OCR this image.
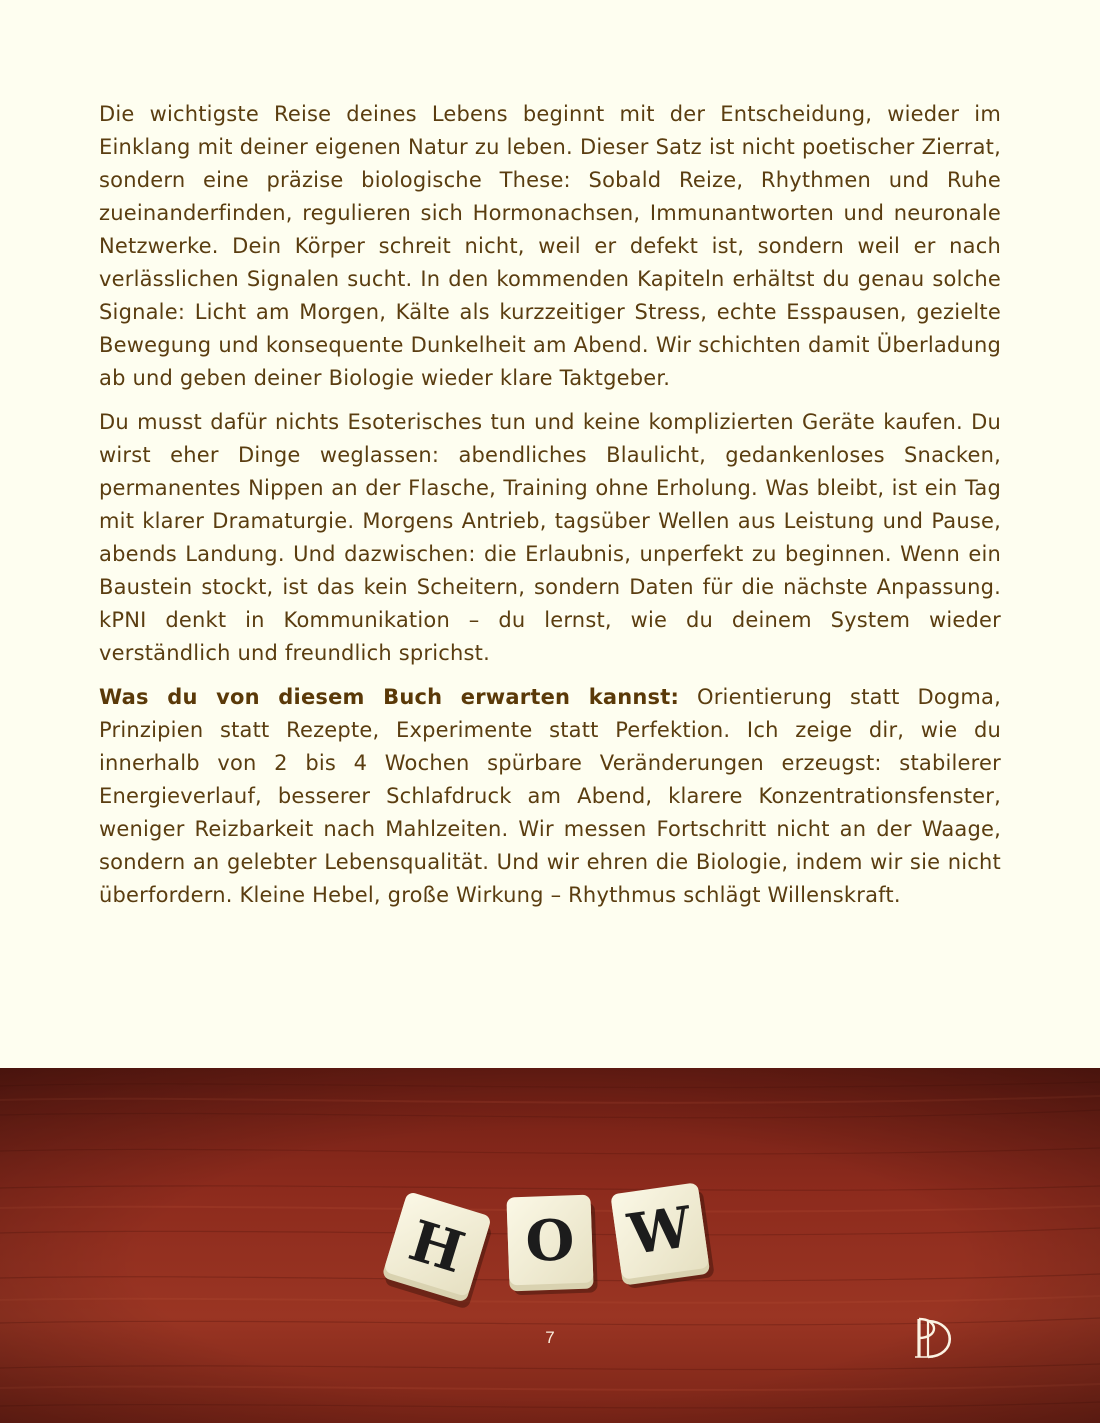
Die wichtigste Reise deines Lebens beginnt mit der Entscheidung, wieder im Einklang mit deiner eigenen Natur zu leben. Dieser Satz ist nicht poetischer Zierrat, sondern eine präzise biologische These: Sobald Reize, Rhythmen und Ruhe zueinanderfinden, regulieren sich Hormonachsen, Immunantworten und neuronale Netzwerke. Dein Körper schreit nicht, weil er defekt ist, sondern weil er nach verlässlichen Signalen sucht. In den kommenden Kapiteln erhältst du genau solche Signale: Licht am Morgen, Kälte als kurzzeitiger Stress, echte Esspausen, gezielte Bewegung und konsequente Dunkelheit am Abend. Wir schichten damit Überladung ab und geben deiner Biologie wieder klare Taktgeber.

Du musst dafür nichts Esoterisches tun und keine komplizierten Geräte kaufen. Du wirst eher Dinge weglassen: abendliches Blaulicht, gedankenloses Snacken, permanentes Nippen an der Flasche, Training ohne Erholung. Was bleibt, ist ein Tag mit klarer Dramaturgie. Morgens Antrieb, tagsüber Wellen aus Leistung und Pause, abends Landung. Und dazwischen: die Erlaubnis, unperfekt zu beginnen. Wenn ein Baustein stockt, ist das kein Scheitern, sondern Daten für die nächste Anpassung. kPNI denkt in Kommunikation – du lernst, wie du deinem System wieder verständlich und freundlich sprichst.

Was du von diesem Buch erwarten kannst: Orientierung statt Dogma, Prinzipien statt Rezepte, Experimente statt Perfektion. Ich zeige dir, wie du innerhalb von 2 bis 4 Wochen spürbare Veränderungen erzeugst: stabilerer Energieverlauf, besserer Schlafdruck am Abend, klarere Konzentrationsfenster, weniger Reizbarkeit nach Mahlzeiten. Wir messen Fortschritt nicht an der Waage, sondern an gelebter Lebensqualität. Und wir ehren die Biologie, indem wir sie nicht überfordern. Kleine Hebel, große Wirkung – Rhythmus schlägt Willenskraft.

H O W
7
